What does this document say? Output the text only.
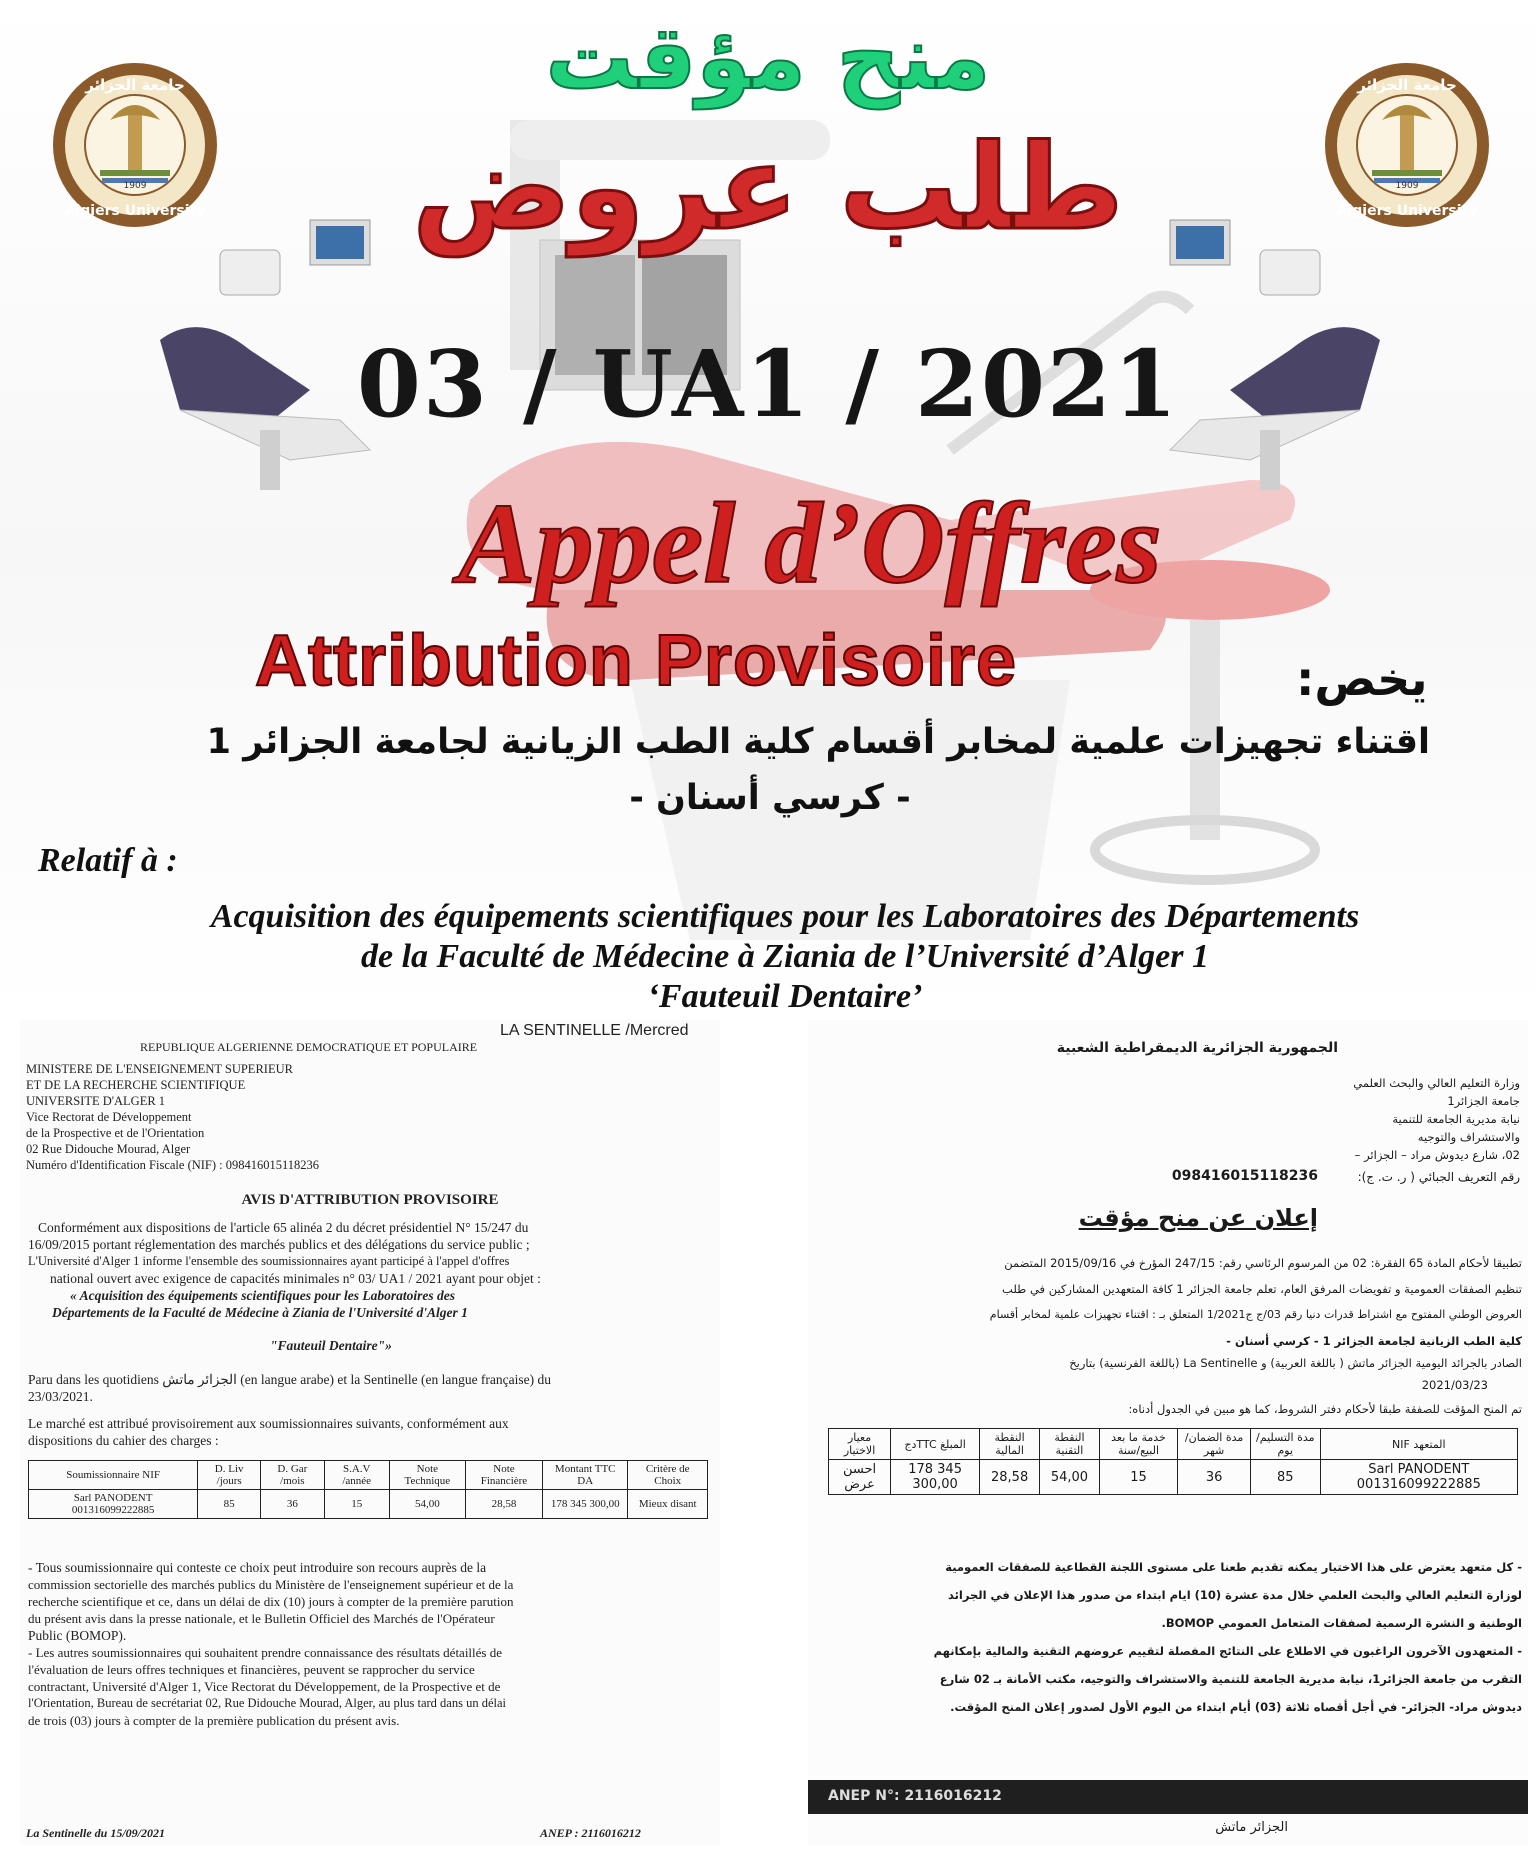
1909
جامعة الجزائر
Algiers University
1909
جامعة الجزائر
Algiers University
منح مؤقت
طلب عروض
03 / UA1 / 2021
Appel d’Offres
Attribution Provisoire	يخص:
اقتناء تجهيزات علمية لمخابر أقسام كلية الطب الزيانية لجامعة الجزائر 1
- كرسي أسنان -
Relatif à :
Acquisition des équipements scientifiques pour les Laboratoires des Départements
de la Faculté de Médecine à Ziania de l’Université d’Alger 1
‘Fauteuil Dentaire’
LA SENTINELLE /Mercred
REPUBLIQUE ALGERIENNE DEMOCRATIQUE ET POPULAIRE
MINISTERE DE L'ENSEIGNEMENT SUPERIEUR
ET DE LA RECHERCHE SCIENTIFIQUE
UNIVERSITE D'ALGER 1
Vice Rectorat de Développement
de la Prospective et de l'Orientation
02 Rue Didouche Mourad, Alger
Numéro d'Identification Fiscale (NIF) : 098416015118236
AVIS D'ATTRIBUTION PROVISOIRE
Conformément aux dispositions de l'article 65 alinéa 2 du décret présidentiel N° 15/247 du
16/09/2015 portant réglementation des marchés publics et des délégations du service public ;
L'Université d'Alger 1 informe l'ensemble des soumissionnaires ayant participé à l'appel d'offres
national ouvert avec exigence de capacités minimales n° 03/ UA1 / 2021 ayant pour objet :
« Acquisition des équipements scientifiques pour les Laboratoires des
Départements de la Faculté de Médecine à Ziania de l'Université d'Alger 1
"Fauteuil Dentaire"»
Paru dans les quotidiens الجزائر ماتش (en langue arabe) et la Sentinelle (en langue française) du
23/03/2021.
Le marché est attribué provisoirement aux soumissionnaires suivants, conformément aux
dispositions du cahier des charges :
Soumissionnaire NIF	D. Liv /jours	D. Gar /mois	S.A.V /année	Note Technique	Note Financière	Montant TTC DA	Critère de Choix
Sarl PANODENT 001316099222885	85	36	15	54,00	28,58	178 345 300,00	Mieux disant
- Tous soumissionnaire qui conteste ce choix peut introduire son recours auprès de la
commission sectorielle des marchés publics du Ministère de l'enseignement supérieur et de la
recherche scientifique et ce, dans un délai de dix (10) jours à compter de la première parution
du présent avis dans la presse nationale, et le Bulletin Officiel des Marchés de l'Opérateur
Public (BOMOP).
- Les autres soumissionnaires qui souhaitent prendre connaissance des résultats détaillés de
l'évaluation de leurs offres techniques et financières, peuvent se rapprocher du service
contractant, Université d'Alger 1, Vice Rectorat du Développement, de la Prospective et de
l'Orientation, Bureau de secrétariat 02, Rue Didouche Mourad, Alger, au plus tard dans un délai
de trois (03) jours à compter de la première publication du présent avis.
La Sentinelle du 15/09/2021	ANEP : 2116016212
الجمهورية الجزائرية الديمقراطية الشعبية
وزارة التعليم العالي والبحث العلمي
جامعة الجزائر1
نيابة مديرية الجامعة للتنمية
والاستشراف والتوجيه
02، شارع ديدوش مراد – الجزائر –
رقم التعريف الجبائي ( ر. ت. ج):
098416015118236
إعلان عن منح مؤقت
تطبيقا لأحكام المادة 65 الفقرة: 02 من المرسوم الرئاسي رقم: 247/15 المؤرخ في 2015/09/16 المتضمن
تنظيم الصفقات العمومية و تفويضات المرفق العام، تعلم جامعة الجزائر 1 كافة المتعهدين المشاركين في طلب
العروض الوطني المفتوح مع اشتراط قدرات دنيا رقم 03/ج ج1/2021 المتعلق بـ : اقتناء تجهيزات علمية لمخابر أقسام
كلية الطب الزيانية لجامعة الجزائر 1 - كرسي أسنان -
الصادر بالجرائد اليومية الجزائر ماتش ( باللغة العربية) و La Sentinelle (باللغة الفرنسية) بتاريخ
2021/03/23
تم المنح المؤقت للصفقة طبقا لأحكام دفتر الشروط، كما هو مبين في الجدول أدناه:
المتعهد NIF	مدة التسليم/ يوم	مدة الضمان/ شهر	خدمة ما بعد البيع/سنة	النقطة التقنية	النقطة المالية	المبلغ TTCدج	معيار الاختيار
Sarl PANODENT 001316099222885	85	36	15	54,00	28,58	178 345 300,00	احسن عرض
- كل متعهد يعترض على هذا الاختيار يمكنه تقديم طعنا على مستوى اللجنة القطاعية للصفقات العمومية
لوزارة التعليم العالي والبحث العلمي خلال مدة عشرة (10) ايام ابتداء من صدور هذا الإعلان في الجرائد
الوطنية و النشرة الرسمية لصفقات المتعامل العمومي BOMOP.
- المتعهدون الآخرون الراغبون في الاطلاع على النتائج المفصلة لتقييم عروضهم التقنية والمالية بإمكانهم
التقرب من جامعة الجزائر1، نيابة مديرية الجامعة للتنمية والاستشراف والتوجيه، مكتب الأمانة بـ 02 شارع
ديدوش مراد- الجزائر- في أجل أقصاه ثلاثة (03) أيام ابتداء من اليوم الأول لصدور إعلان المنح المؤقت.
ANEP N°: 2116016212
الجزائر ماتش
